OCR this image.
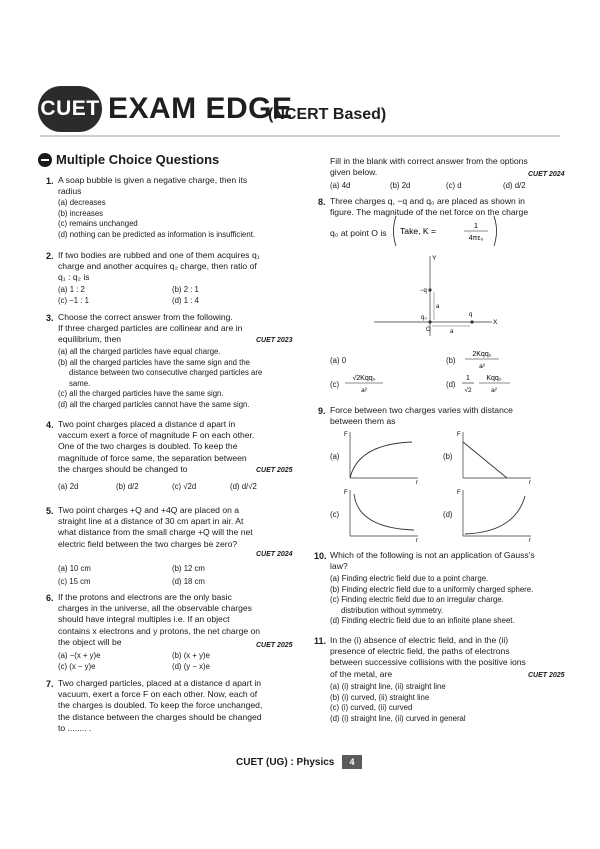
CUET EXAM EDGE
(NCERT Based)
Multiple Choice Questions
1. A soap bubble is given a negative charge, then its
radius
(a) decreases
(b) increases
(c) remains unchanged
(d) nothing can be predicted as information is insufficient.
2. If two bodies are rubbed and one of them acquires q₁
charge and another acquires q₂ charge, then ratio of
q₁ : q₂ is
(a) 1 : 2	(b) 2 : 1
(c) −1 : 1	(d) 1 : 4
3. Choose the correct answer from the following.
If three charged particles are collinear and are in
equilibrium, then	CUET 2023
(a) all the charged particles have equal charge.
(b) all the charged particles have the same sign and the
distance between two consecutive charged particles are
same.
(c) all the charged particles have the same sign.
(d) all the charged particles cannot have the same sign.
4. Two point charges placed a distance d apart in
vaccum exert a force of magnitude F on each other.
One of the two charges is doubled. To keep the
magnitude of force same, the separation between
the charges should be changed to	CUET 2025
(a) 2d	(b) d/2	(c) √2d	(d) d/√2
5. Two point charges +Q and +4Q are placed on a
straight line at a distance of 30 cm apart in air. At
what distance from the small charge +Q will the net
electric field between the two charges be zero?
CUET 2024
(a) 10 cm	(b) 12 cm
(c) 15 cm	(d) 18 cm
6. If the protons and electrons are the only basic
charges in the universe, all the observable charges
should have integral multiples i.e. If an object
contains x electrons and y protons, the net charge on
the object will be	CUET 2025
(a) −(x + y)e	(b) (x + y)e
(c) (x − y)e	(d) (y − x)e
7. Two charged particles, placed at a distance d apart in
vacuum, exert a force F on each other. Now, each of
the charges is doubled. To keep the force unchanged,
the distance between the charges should be changed
to ........ .
Fill in the blank with correct answer from the options
given below.	CUET 2024
(a) 4d	(b) 2d	(c) d	(d) d/2
8. Three charges q, −q and q₀ are placed as shown in
figure. The magnitude of the net force on the charge
q₀ at point O is Take, K =
1
4πε₀
Y
X
−q
q
q₀
O
a
a
(a) 0	(b)
2Kqq₀
a²
(c)
√2Kqq₀
a²
(d)
1
√2
Kqq₀
a²
9. Force between two charges varies with distance
between them as
(a)
F
r
(b)
F
r
(c)
F
r
(d)
F
r
10. Which of the following is not an application of Gauss's
law?
(a) Finding electric field due to a point charge.
(b) Finding electric field due to a uniformly charged sphere.
(c) Finding electric field due to an irregular charge.
distribution without symmetry.
(d) Finding electric field due to an infinite plane sheet.
11. In the (i) absence of electric field, and in the (ii)
presence of electric field, the paths of electrons
between successive collisions with the positive ions
of the metal, are	CUET 2025
(a) (i) straight line, (ii) straight line
(b) (i) curved, (ii) straight line
(c) (i) curved, (ii) curved
(d) (i) straight line, (ii) curved in general
CUET (UG) : Physics	4
